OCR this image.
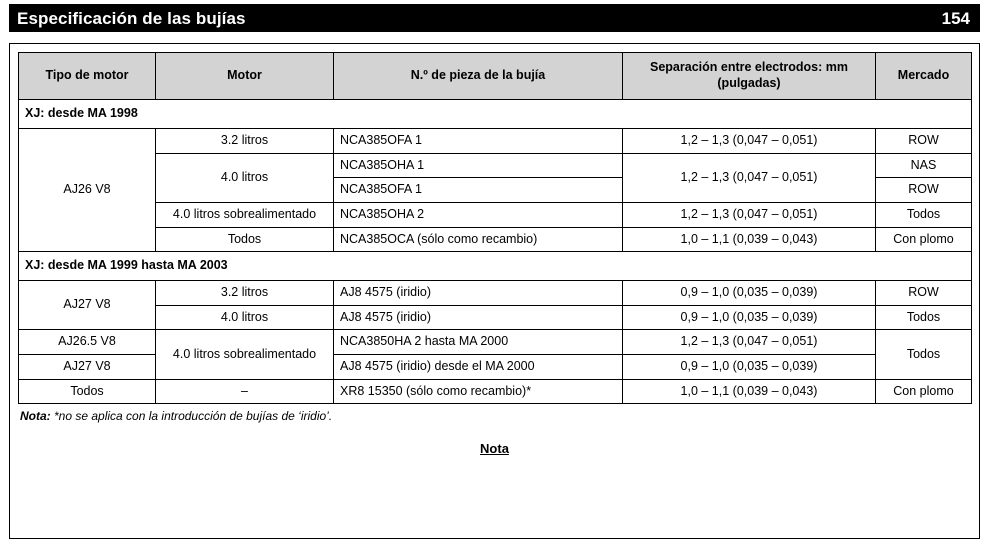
Especificación de las bujías	154
Tipo de motor	Motor	N.º de pieza de la bujía	Separación entre electrodos: mm (pulgadas)	Mercado
XJ: desde MA 1998				
AJ26 V8	3.2 litros	NCA385OFA 1	1,2 – 1,3 (0,047 – 0,051)	ROW
	4.0 litros	NCA385OHA 1	1,2 – 1,3 (0,047 – 0,051)	NAS
		NCA385OFA 1		ROW
	4.0 litros sobrealimentado	NCA385OHA 2	1,2 – 1,3 (0,047 – 0,051)	Todos
	Todos	NCA385OCA (sólo como recambio)	1,0 – 1,1 (0,039 – 0,043)	Con plomo
XJ: desde MA 1999 hasta MA 2003				
AJ27 V8	3.2 litros	AJ8 4575 (iridio)	0,9 – 1,0 (0,035 – 0,039)	ROW
	4.0 litros	AJ8 4575 (iridio)	0,9 – 1,0 (0,035 – 0,039)	Todos
AJ26.5 V8	4.0 litros sobrealimentado	NCA3850HA 2 hasta MA 2000	1,2 – 1,3 (0,047 – 0,051)	Todos
AJ27 V8		AJ8 4575 (iridio) desde el MA 2000	0,9 – 1,0 (0,035 – 0,039)	
Todos	–	XR8 15350 (sólo como recambio)*	1,0 – 1,1 (0,039 – 0,043)	Con plomo
Nota: *no se aplica con la introducción de bujías de ‘iridio’.
Nota
